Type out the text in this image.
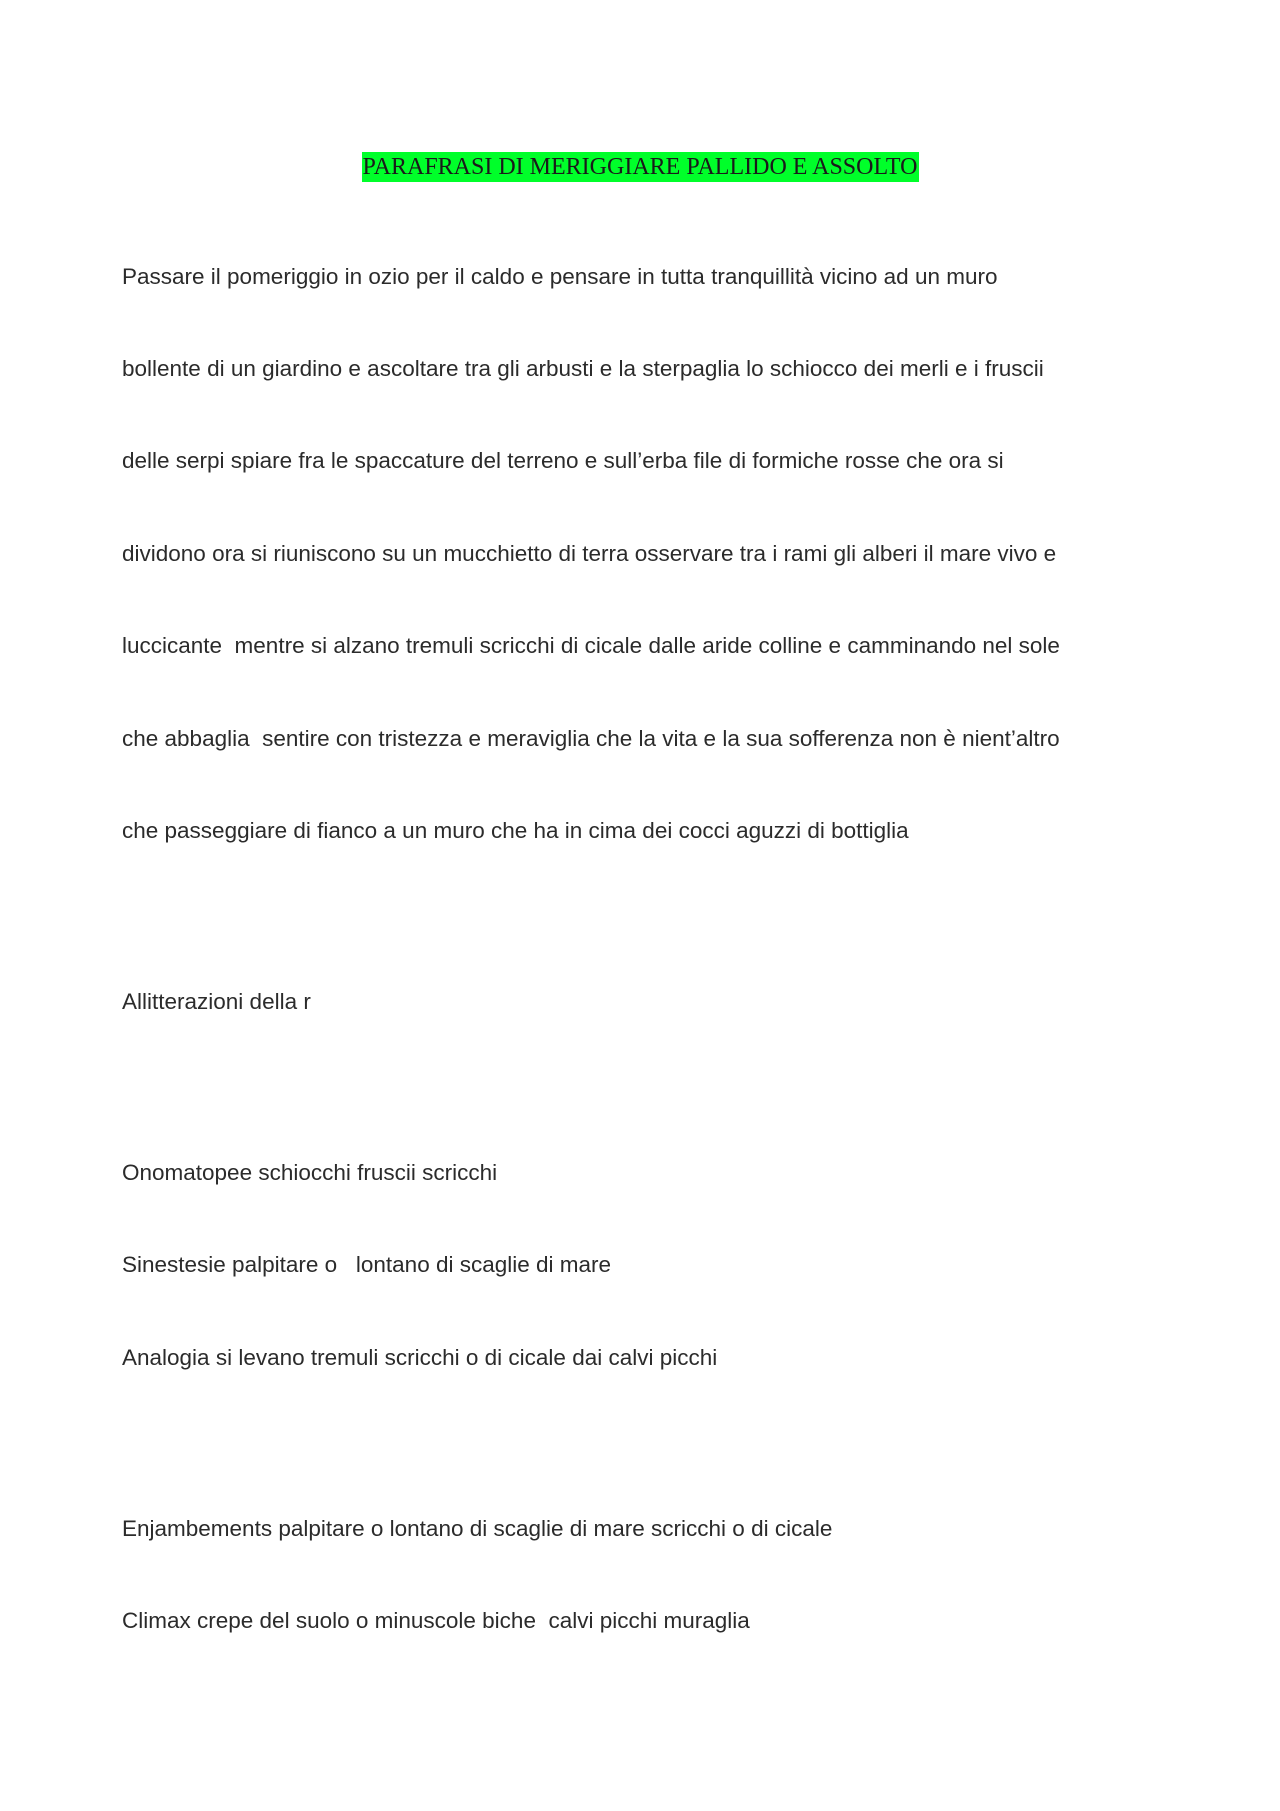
PARAFRASI DI MERIGGIARE PALLIDO E ASSOLTO

Passare il pomeriggio in ozio per il caldo e pensare in tutta tranquillità vicino ad un muro

bollente di un giardino e ascoltare tra gli arbusti e la sterpaglia lo schiocco dei merli e i fruscii

delle serpi spiare fra le spaccature del terreno e sull’erba file di formiche rosse che ora si

dividono ora si riuniscono su un mucchietto di terra osservare tra i rami gli alberi il mare vivo e

luccicante  mentre si alzano tremuli scricchi di cicale dalle aride colline e camminando nel sole

che abbaglia  sentire con tristezza e meraviglia che la vita e la sua sofferenza non è nient’altro

che passeggiare di fianco a un muro che ha in cima dei cocci aguzzi di bottiglia

Allitterazioni della r

Onomatopee schiocchi fruscii scricchi

Sinestesie palpitare o   lontano di scaglie di mare

Analogia si levano tremuli scricchi o di cicale dai calvi picchi

Enjambements palpitare o lontano di scaglie di mare scricchi o di cicale

Climax crepe del suolo o minuscole biche  calvi picchi muraglia
